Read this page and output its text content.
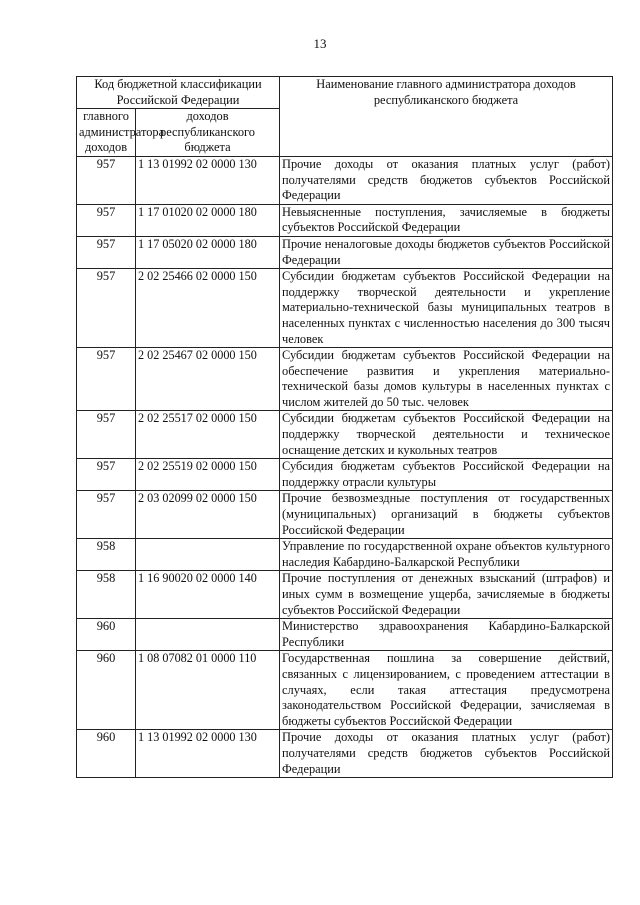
13
Код бюджетной классификации Российской Федерации		Наименование главного администратора доходов республиканского бюджета
главного администратора доходов	доходов республиканского бюджета	
957	1 13 01992 02 0000 130	Прочие доходы от оказания платных услуг (работ) получателями средств бюджетов субъектов Российской Федерации
957	1 17 01020 02 0000 180	Невыясненные поступления, зачисляемые в бюджеты субъектов Российской Федерации
957	1 17 05020 02 0000 180	Прочие неналоговые доходы бюджетов субъектов Российской Федерации
957	2 02 25466 02 0000 150	Субсидии бюджетам субъектов Российской Федерации на поддержку творческой деятельности и укрепление материально-технической базы муниципальных театров в населенных пунктах с численностью населения до 300 тысяч человек
957	2 02 25467 02 0000 150	Субсидии бюджетам субъектов Российской Федерации на обеспечение развития и укрепления материально-технической базы домов культуры в населенных пунктах с числом жителей до 50 тыс. человек
957	2 02 25517 02 0000 150	Субсидии бюджетам субъектов Российской Федерации на поддержку творческой деятельности и техническое оснащение детских и кукольных театров
957	2 02 25519 02 0000 150	Субсидия бюджетам субъектов Российской Федерации на поддержку отрасли культуры
957	2 03 02099 02 0000 150	Прочие безвозмездные поступления от государственных (муниципальных) организаций в бюджеты субъектов Российской Федерации
958		Управление по государственной охране объектов культурного наследия Кабардино-Балкарской Республики
958	1 16 90020 02 0000 140	Прочие поступления от денежных взысканий (штрафов) и иных сумм в возмещение ущерба, зачисляемые в бюджеты субъектов Российской Федерации
960		Министерство здравоохранения Кабардино-Балкарской Республики
960	1 08 07082 01 0000 110	Государственная пошлина за совершение действий, связанных с лицензированием, с проведением аттестации в случаях, если такая аттестация предусмотрена законодательством Российской Федерации, зачисляемая в бюджеты субъектов Российской Федерации
960	1 13 01992 02 0000 130	Прочие доходы от оказания платных услуг (работ) получателями средств бюджетов субъектов Российской Федерации
